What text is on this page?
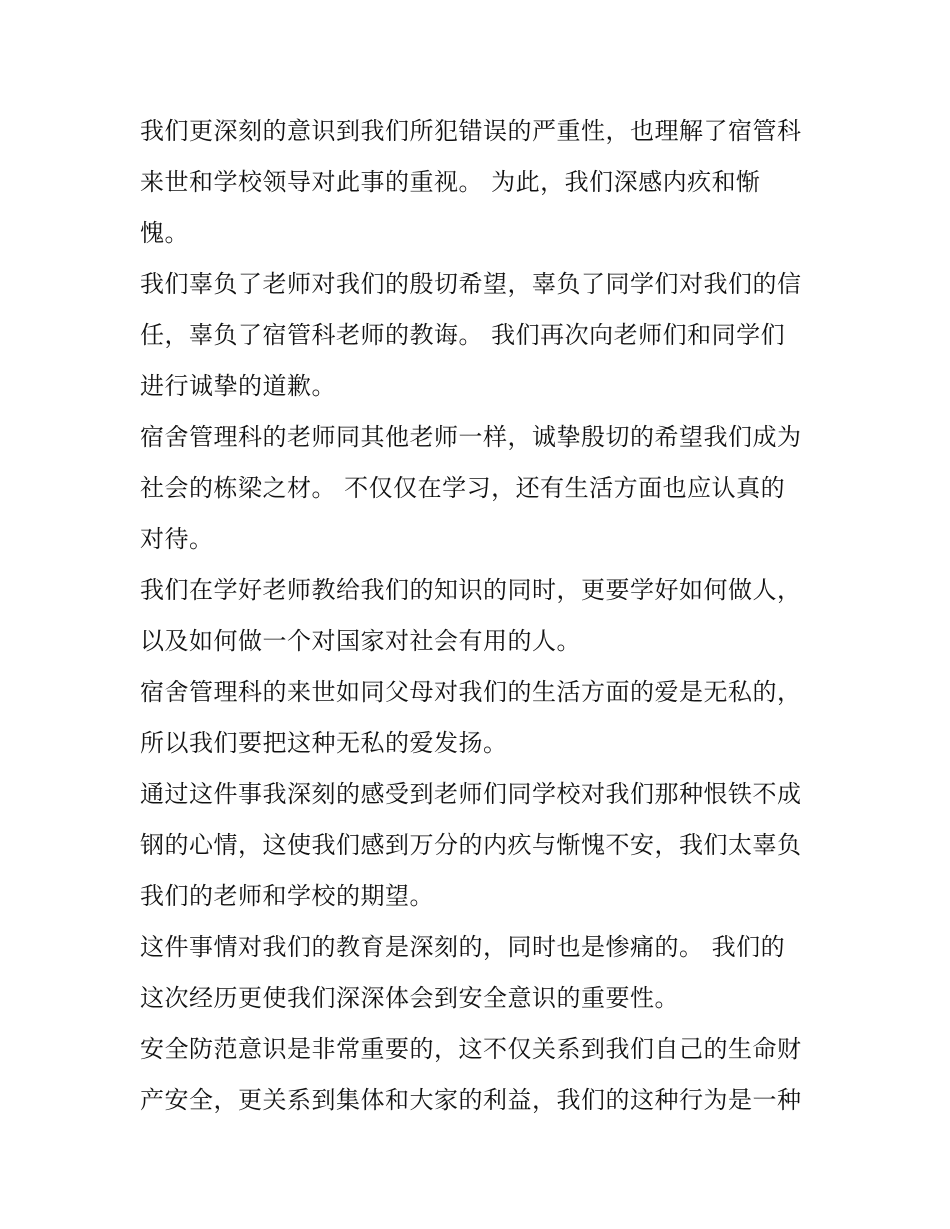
我们更深刻的意识到我们所犯错误的严重性，也理解了宿管科
来世和学校领导对此事的重视。 为此，我们深感内疚和惭
愧。
我们辜负了老师对我们的殷切希望，辜负了同学们对我们的信
任，辜负了宿管科老师的教诲。 我们再次向老师们和同学们
进行诚挚的道歉。
宿舍管理科的老师同其他老师一样，诚挚殷切的希望我们成为
社会的栋梁之材。 不仅仅在学习，还有生活方面也应认真的
对待。
我们在学好老师教给我们的知识的同时，更要学好如何做人，
以及如何做一个对国家对社会有用的人。
宿舍管理科的来世如同父母对我们的生活方面的爱是无私的，
所以我们要把这种无私的爱发扬。
通过这件事我深刻的感受到老师们同学校对我们那种恨铁不成
钢的心情，这使我们感到万分的内疚与惭愧不安，我们太辜负
我们的老师和学校的期望。
这件事情对我们的教育是深刻的，同时也是惨痛的。 我们的
这次经历更使我们深深体会到安全意识的重要性。
安全防范意识是非常重要的，这不仅关系到我们自己的生命财
产安全，更关系到集体和大家的利益，我们的这种行为是一种
